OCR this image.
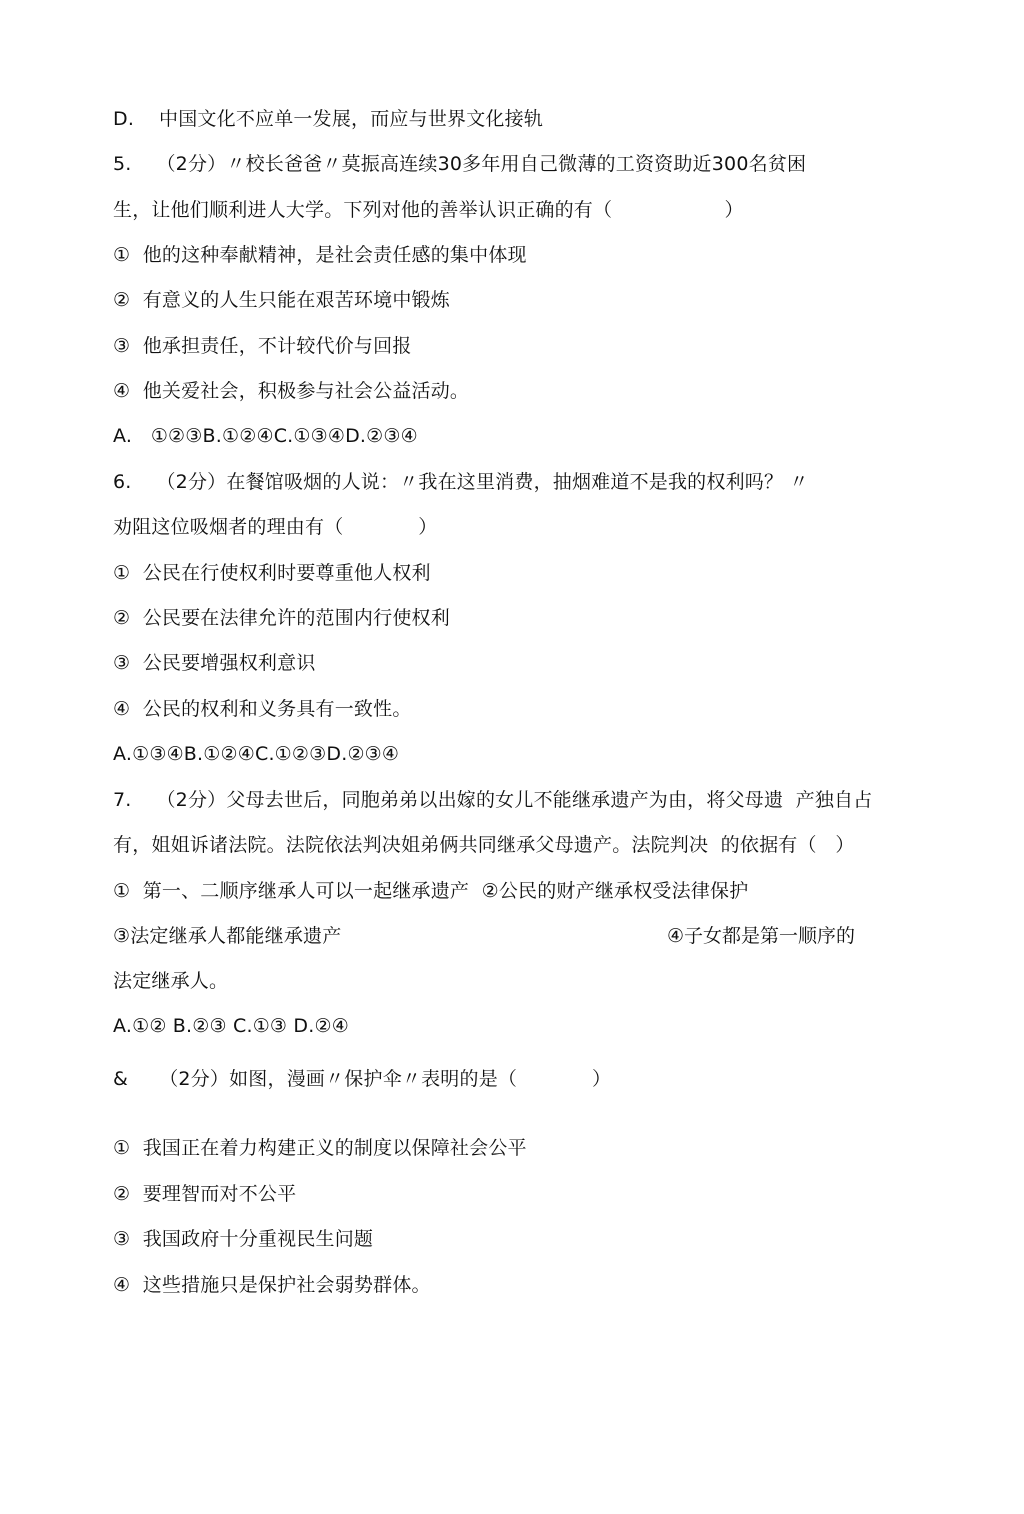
D.    中国文化不应单一发展，而应与世界文化接轨
5.    （2分）〃校长爸爸〃莫振高连续30多年用自己微薄的工资资助近300名贫困
生，让他们顺利进人大学。下列对他的善举认识正确的有（                  ）
①  他的这种奉献精神，是社会责任感的集中体现
②  有意义的人生只能在艰苦环境中锻炼
③  他承担责任，不计较代价与回报
④  他关爱社会，积极参与社会公益活动。
A.   ①②③B.①②④C.①③④D.②③④
6.    （2分）在餐馆吸烟的人说：〃我在这里消费，抽烟难道不是我的权利吗？ 〃
劝阻这位吸烟者的理由有（            ）
①  公民在行使权利时要尊重他人权利
②  公民要在法律允许的范围内行使权利
③  公民要增强权利意识
④  公民的权利和义务具有一致性。
A.①③④B.①②④C.①②③D.②③④
7.    （2分）父母去世后，同胞弟弟以出嫁的女儿不能继承遗产为由，将父母遗  产独自占
有，姐姐诉诸法院。法院依法判决姐弟俩共同继承父母遗产。法院判决  的依据有（   ）
①  第一、二顺序继承人可以一起继承遗产  ②公民的财产继承权受法律保护
③法定继承人都能继承遗产	④子女都是第一顺序的
法定继承人。
A.①② B.②③ C.①③ D.②④
&     （2分）如图，漫画〃保护伞〃表明的是（            ）
①  我国正在着力构建正义的制度以保障社会公平
②  要理智而对不公平
③  我国政府十分重视民生问题
④  这些措施只是保护社会弱势群体。
